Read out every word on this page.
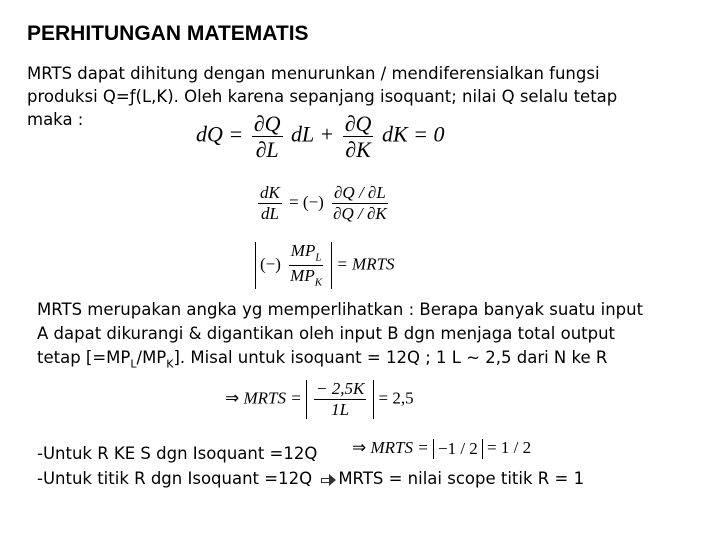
PERHITUNGAN MATEMATIS
MRTS dapat dihitung dengan menurunkan / mendiferensialkan fungsi
produksi Q=ƒ(L,K). Oleh karena sepanjang isoquant; nilai Q selalu tetap
maka :
dQ = $\frac{\partial Q}{\partial L}$ dL + $\frac{\partial Q}{\partial K}$ dK = 0
$\frac{dK}{dL}$ = (−) $\frac{\partial Q / \partial L}{\partial Q / \partial K}$
(−) $\frac{MP_L}{MP_K}$ = MRTS
MRTS merupakan angka yg memperlihatkan : Berapa banyak suatu input
A dapat dikurangi & digantikan oleh input B dgn menjaga total output
tetap $[=MP_L/MP_K]$. Misal untuk isoquant = 12Q ; 1 L ~ 2,5 dari N ke R
⇒ MRTS = $\frac{- 2,5K}{1L} = 2,5$
-Untuk R KE S dgn Isoquant =12Q ⇒ MRTS = −1 / 2 = 1 / 2
-Untuk titik R dgn Isoquant =12Q MRTS = nilai scope titik R = 1
